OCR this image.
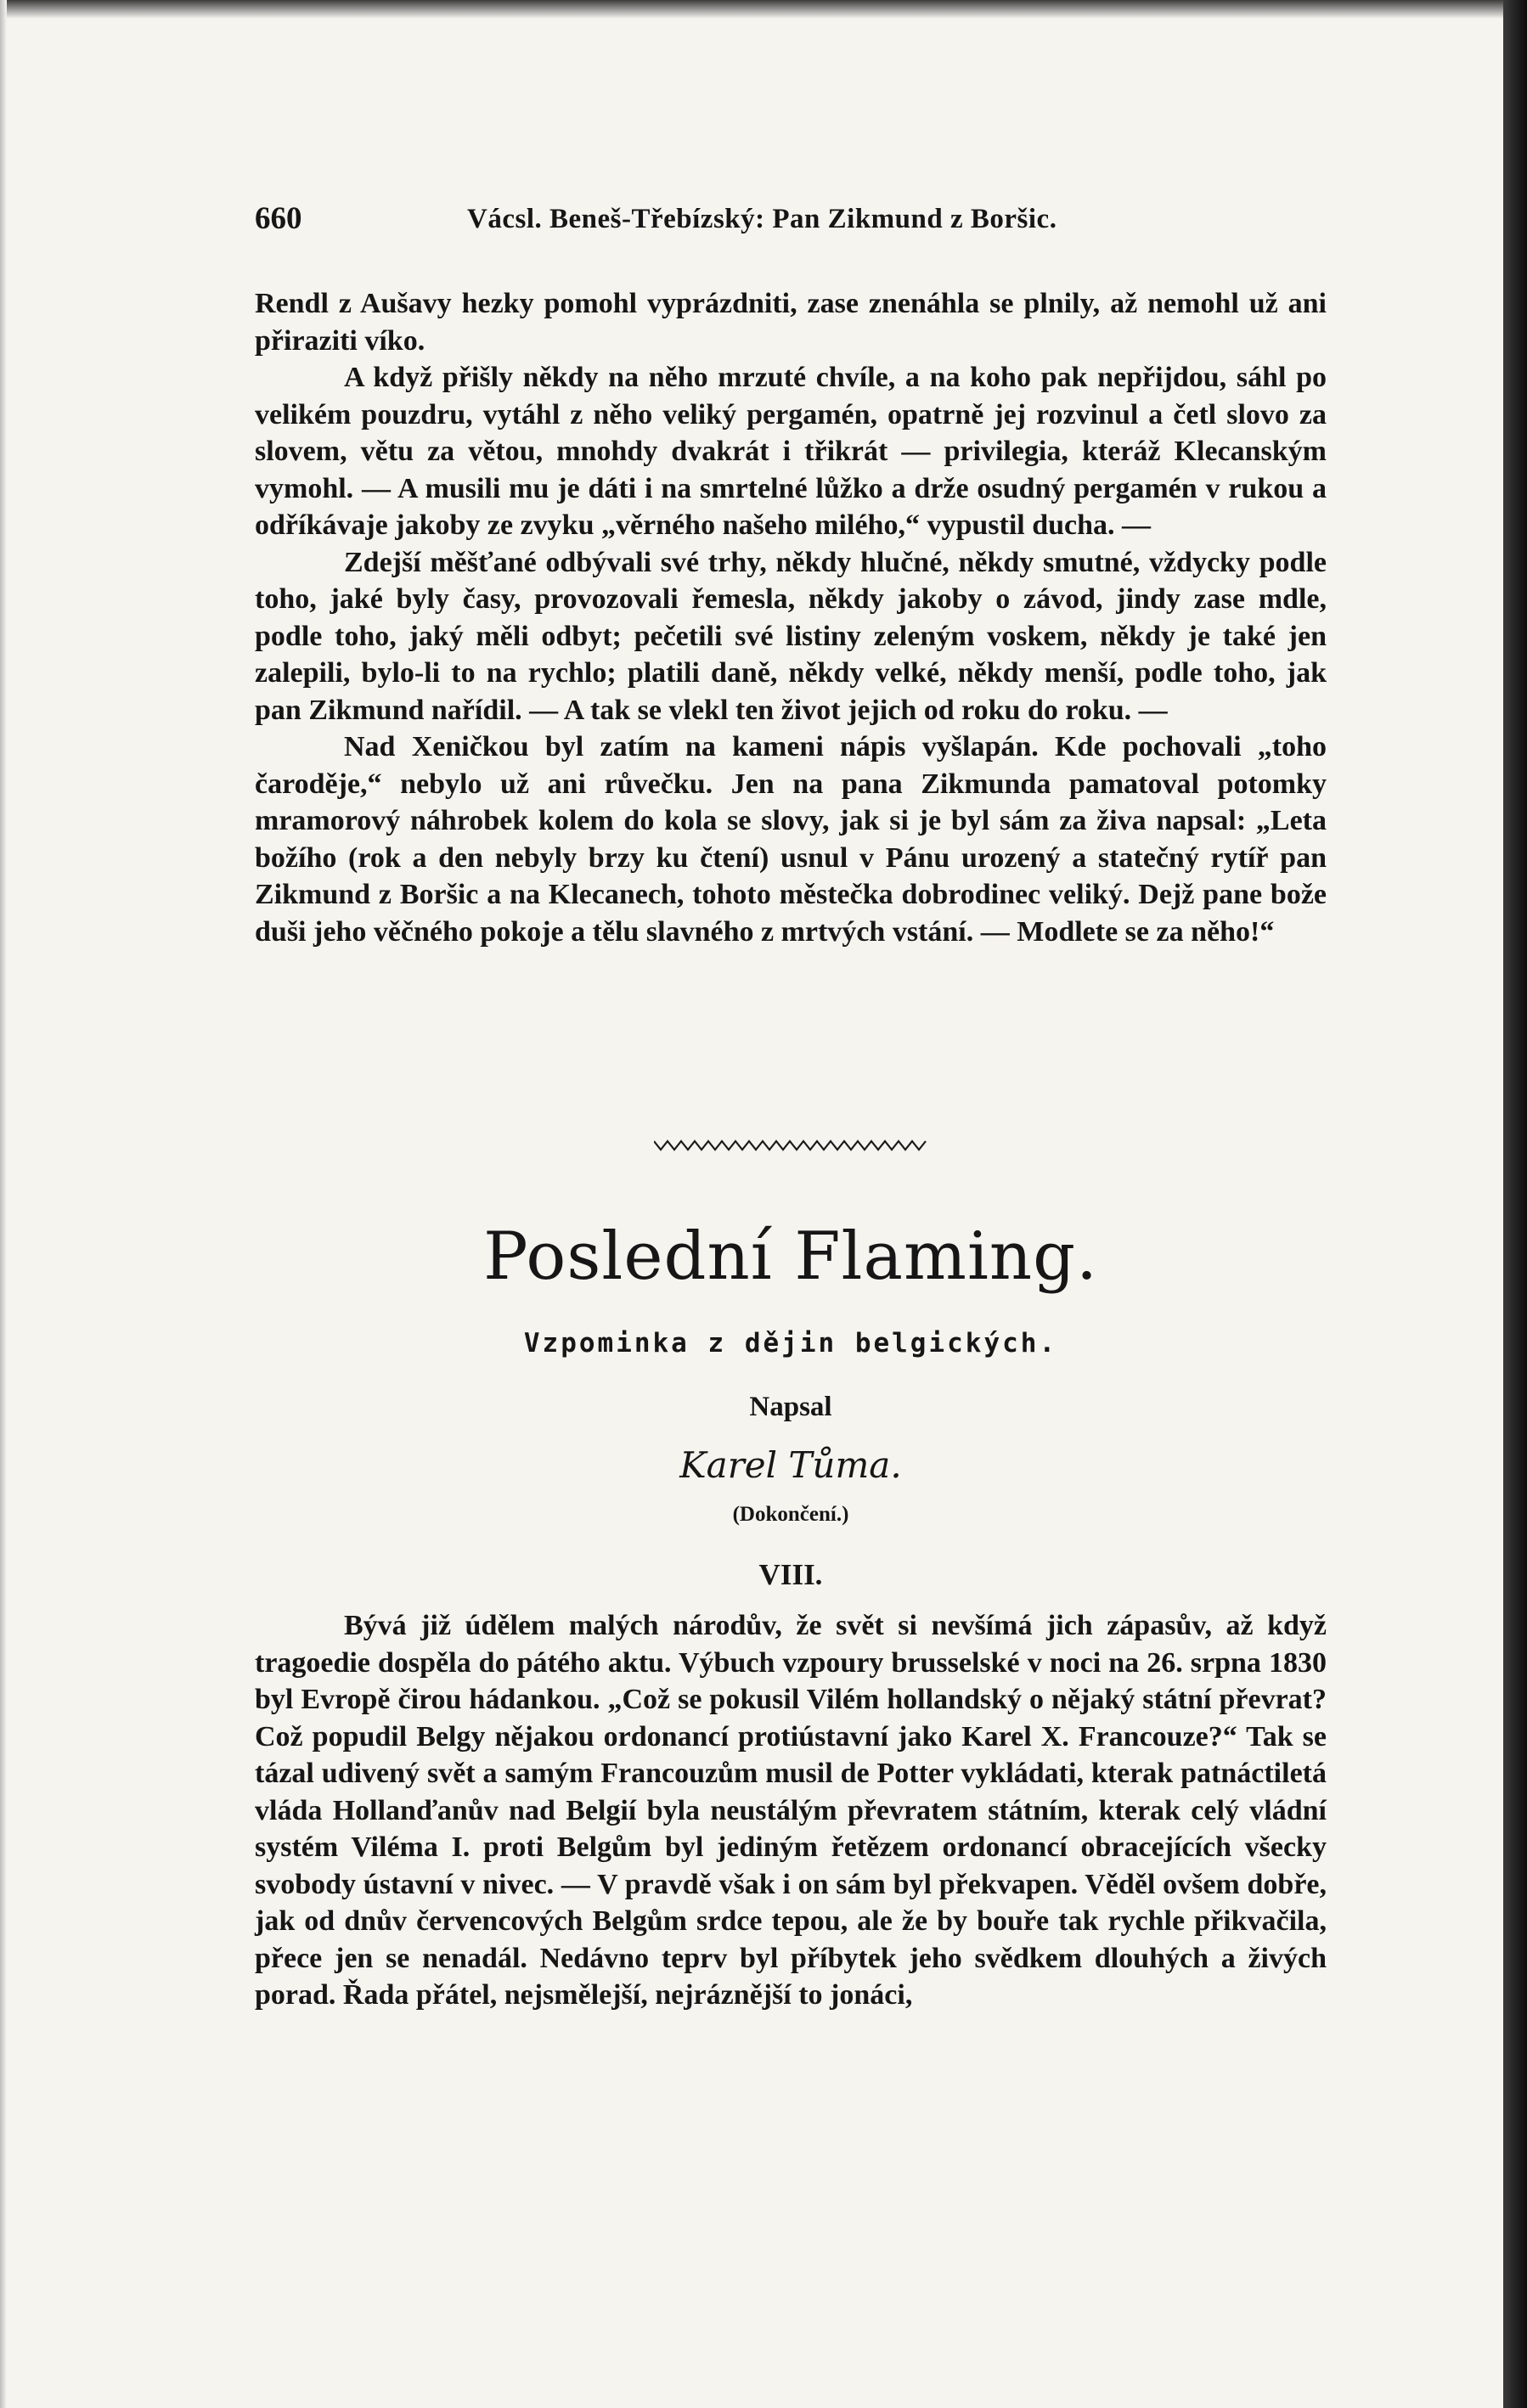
660	Vácsl. Beneš-Třebízský: Pan Zikmund z Boršic.

Rendl z Aušavy hezky pomohl vyprázdniti, zase znenáhla se plnily, až nemohl už ani přiraziti víko.

A když přišly někdy na něho mrzuté chvíle, a na koho pak nepřijdou, sáhl po velikém pouzdru, vytáhl z něho veliký pergamén, opatrně jej rozvinul a četl slovo za slovem, větu za větou, mnohdy dvakrát i třikrát — privilegia, kteráž Klecanským vymohl. — A musili mu je dáti i na smrtelné lůžko a drže osudný pergamén v rukou a odříkávaje jakoby ze zvyku „věrného našeho milého,“ vypustil ducha. —

Zdejší měšťané odbývali své trhy, někdy hlučné, někdy smutné, vždycky podle toho, jaké byly časy, provozovali řemesla, někdy jakoby o závod, jindy zase mdle, podle toho, jaký měli odbyt; pečetili své listiny zeleným voskem, někdy je také jen zalepili, bylo-li to na rychlo; platili daně, někdy velké, někdy menší, podle toho, jak pan Zikmund nařídil. — A tak se vlekl ten život jejich od roku do roku. —

Nad Xeničkou byl zatím na kameni nápis vyšlapán. Kde pochovali „toho čaroděje,“ nebylo už ani růvečku. Jen na pana Zikmunda pamatoval potomky mramorový náhrobek kolem do kola se slovy, jak si je byl sám za živa napsal: „Leta božího (rok a den nebyly brzy ku čtení) usnul v Pánu urozený a statečný rytíř pan Zikmund z Boršic a na Klecanech, tohoto městečka dobrodinec veliký. Dejž pane bože duši jeho věčného pokoje a tělu slavného z mrtvých vstání. — Modlete se za něho!“

Poslední Flaming.
Vzpominka z dějin belgických.
Napsal
Karel Tůma.
(Dokončení.)
VIII.

Bývá již údělem malých národův, že svět si nevšímá jich zápasův, až když tragoedie dospěla do pátého aktu. Výbuch vzpoury brusselské v noci na 26. srpna 1830 byl Evropě čirou hádankou. „Což se pokusil Vilém hollandský o nějaký státní převrat? Což popudil Belgy nějakou ordonancí protiústavní jako Karel X. Francouze?“ Tak se tázal udivený svět a samým Francouzům musil de Potter vykládati, kterak patnáctiletá vláda Hollanďanův nad Belgií byla neustálým převratem státním, kterak celý vládní systém Viléma I. proti Belgům byl jediným řetězem ordonancí obracejících všecky svobody ústavní v nivec. — V pravdě však i on sám byl překvapen. Věděl ovšem dobře, jak od dnův červencových Belgům srdce tepou, ale že by bouře tak rychle přikvačila, přece jen se nenadál. Nedávno teprv byl příbytek jeho svědkem dlouhých a živých porad. Řada přátel, nejsmělejší, nejráznější to jonáci,
